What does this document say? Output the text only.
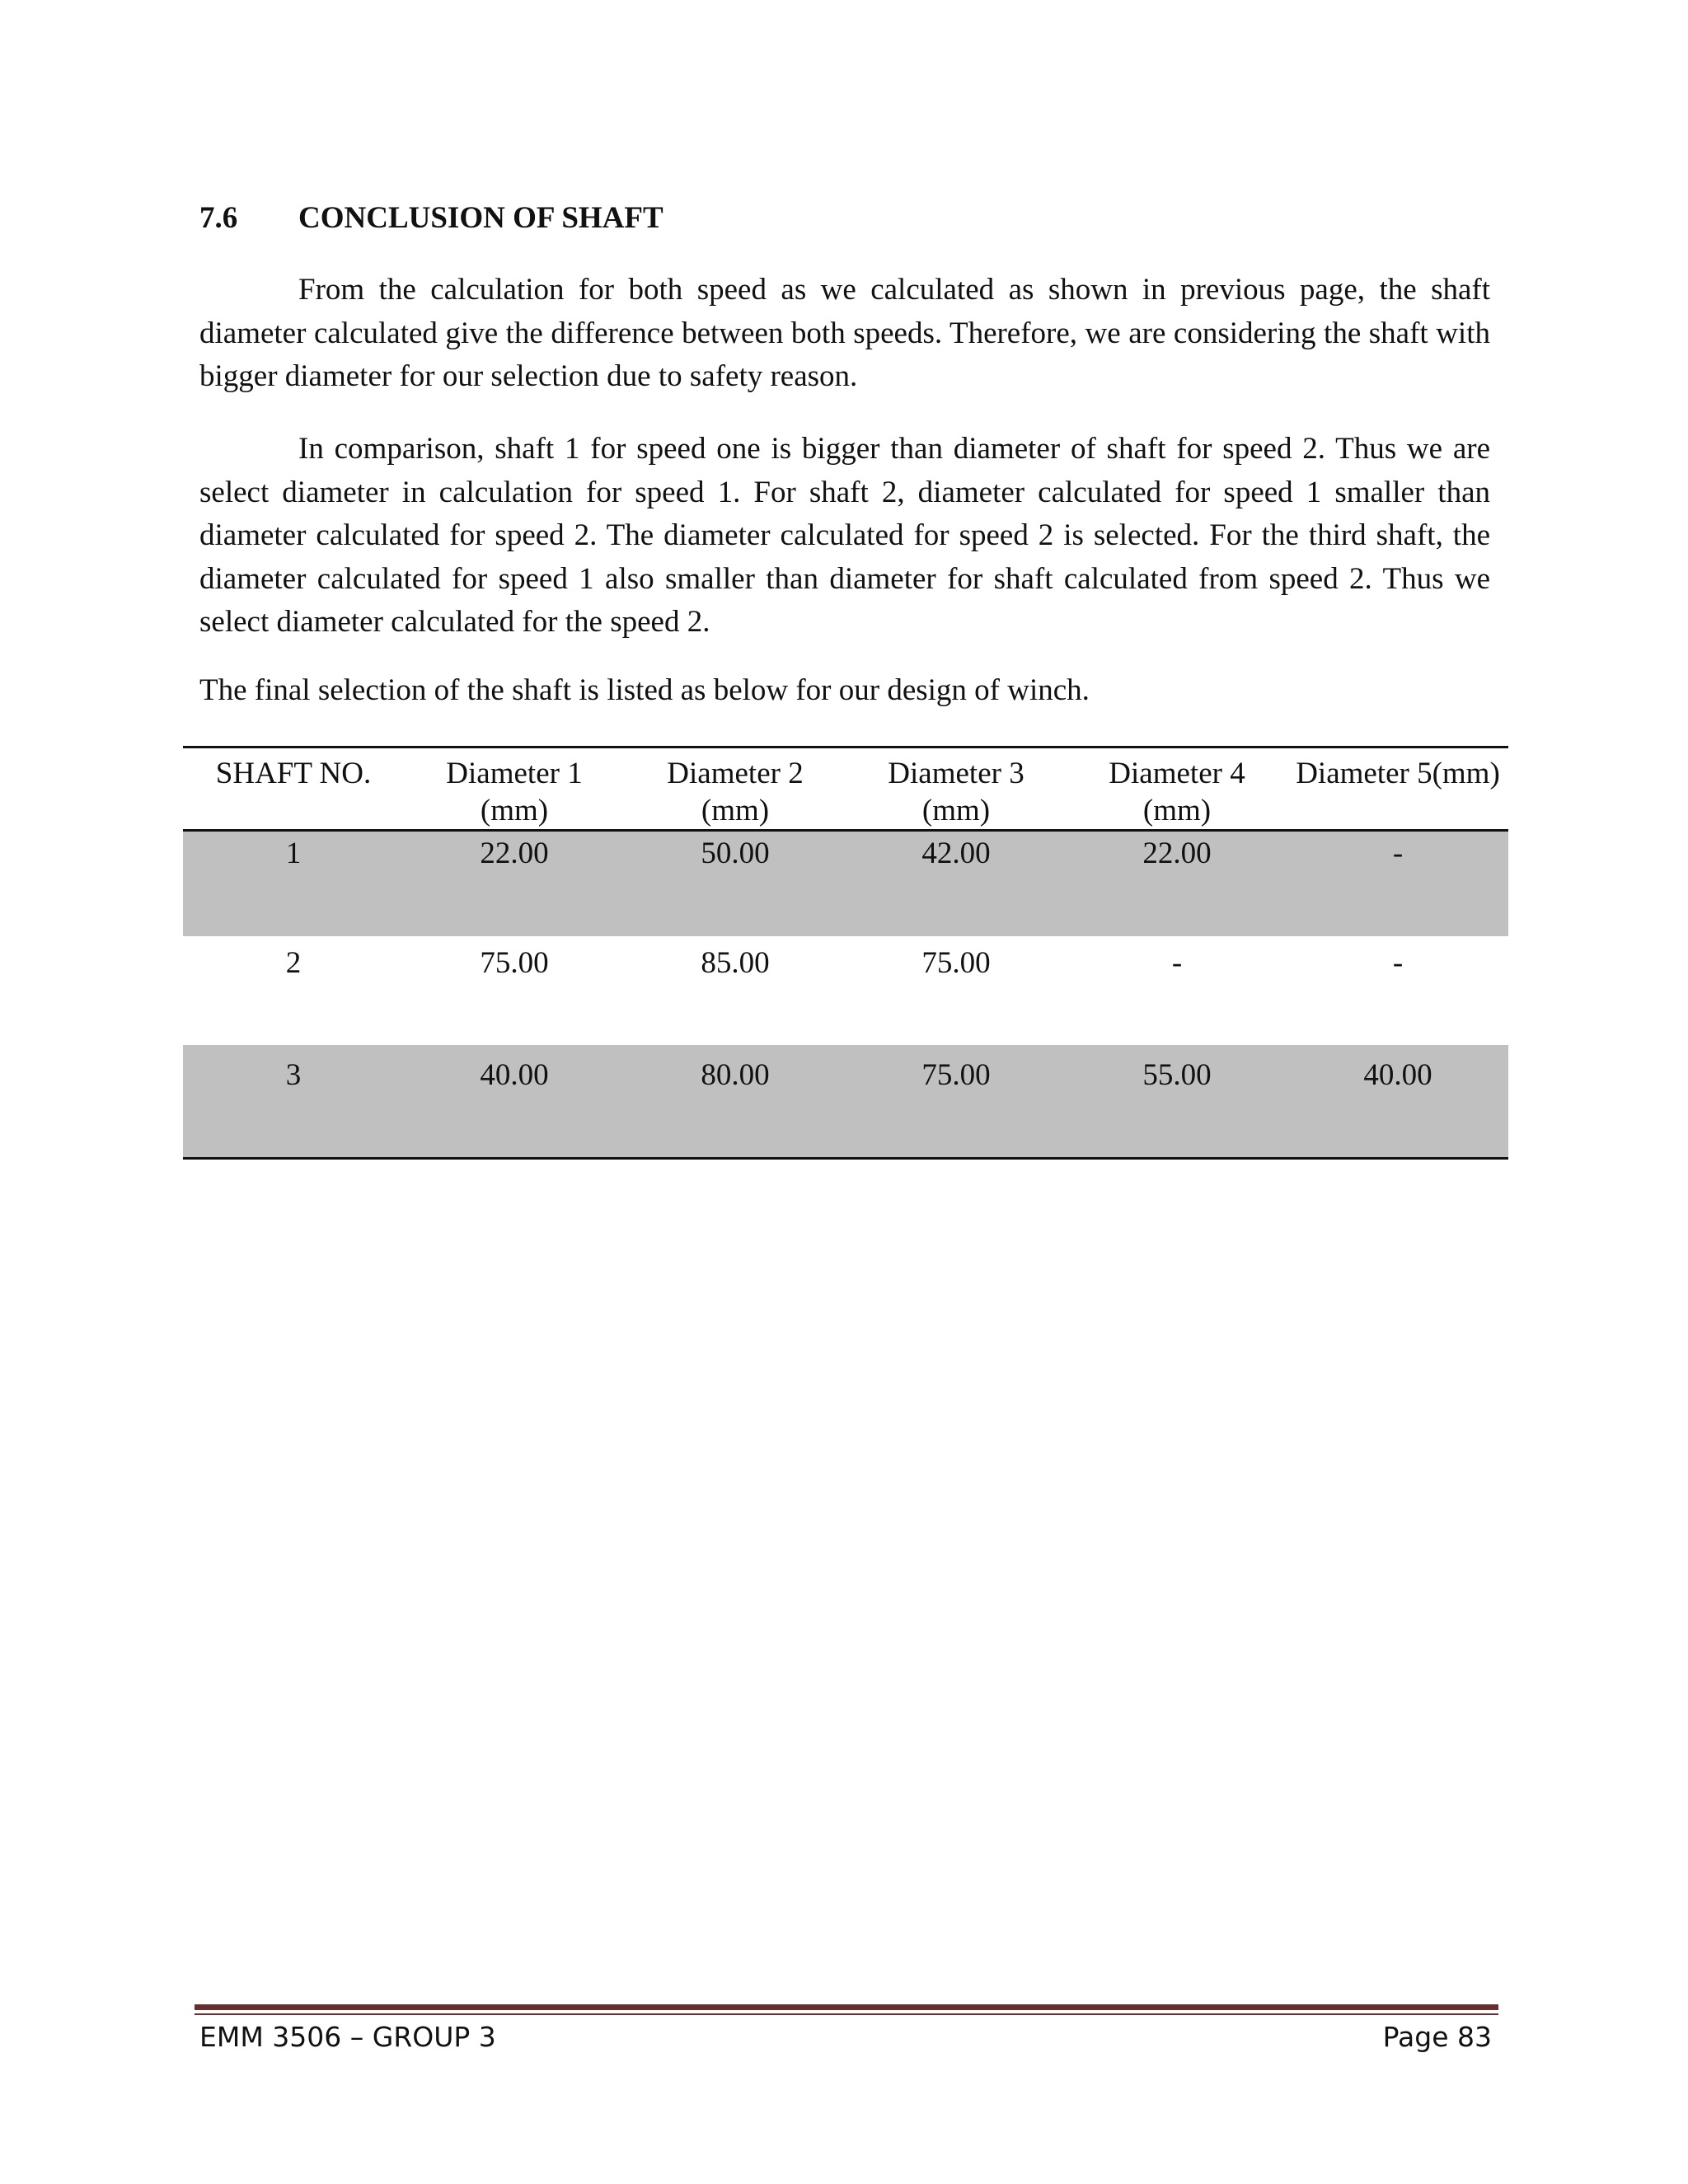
7.6 CONCLUSION OF SHAFT

From the calculation for both speed as we calculated as shown in previous page, the shaft diameter calculated give the difference between both speeds. Therefore, we are considering the shaft with bigger diameter for our selection due to safety reason.

In comparison, shaft 1 for speed one is bigger than diameter of shaft for speed 2. Thus we are select diameter in calculation for speed 1. For shaft 2, diameter calculated for speed 1 smaller than diameter calculated for speed 2. The diameter calculated for speed 2 is selected. For the third shaft, the diameter calculated for speed 1 also smaller than diameter for shaft calculated from speed 2. Thus we select diameter calculated for the speed 2.

The final selection of the shaft is listed as below for our design of winch.

SHAFT NO.	Diameter 1 (mm)	Diameter 2 (mm)	Diameter 3 (mm)	Diameter 4 (mm)	Diameter 5(mm)
1	22.00	50.00	42.00	22.00	-
2	75.00	85.00	75.00	-	-
3	40.00	80.00	75.00	55.00	40.00
EMM 3506 – GROUP 3	Page 83
